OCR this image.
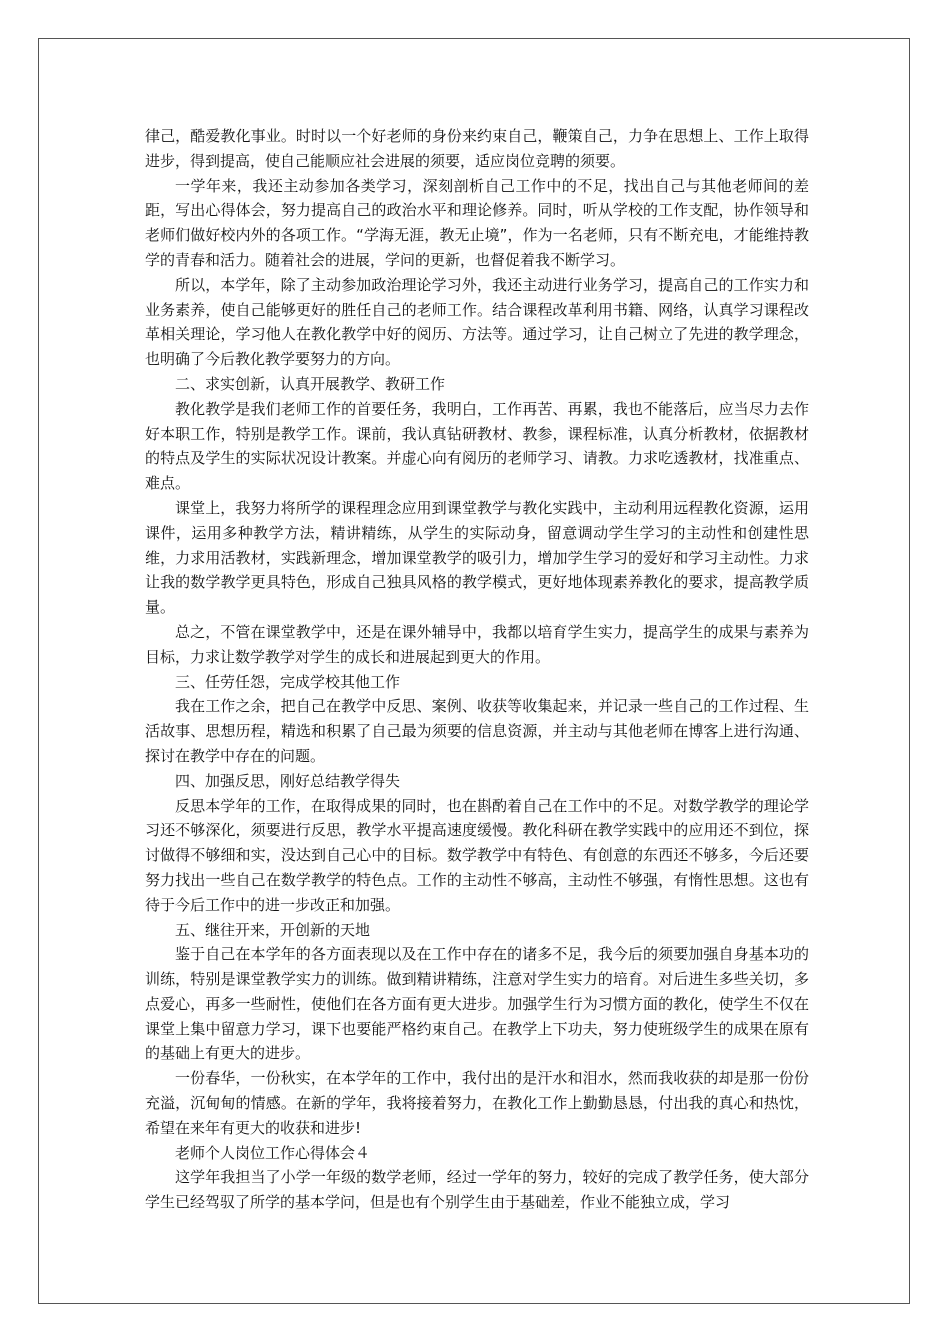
律己，酷爱教化事业。时时以一个好老师的身份来约束自己，鞭策自己，力争在思想上、工作上取得进步，得到提高，使自己能顺应社会进展的须要，适应岗位竞聘的须要。

一学年来，我还主动参加各类学习，深刻剖析自己工作中的不足，找出自己与其他老师间的差距，写出心得体会，努力提高自己的政治水平和理论修养。同时，听从学校的工作支配，协作领导和老师们做好校内外的各项工作。“学海无涯，教无止境”，作为一名老师，只有不断充电，才能维持教学的青春和活力。随着社会的进展，学问的更新，也督促着我不断学习。

所以，本学年，除了主动参加政治理论学习外，我还主动进行业务学习，提高自己的工作实力和业务素养，使自己能够更好的胜任自己的老师工作。结合课程改革利用书籍、网络，认真学习课程改革相关理论，学习他人在教化教学中好的阅历、方法等。通过学习，让自己树立了先进的教学理念，也明确了今后教化教学要努力的方向。

二、求实创新，认真开展教学、教研工作

教化教学是我们老师工作的首要任务，我明白，工作再苦、再累，我也不能落后，应当尽力去作好本职工作，特别是教学工作。课前，我认真钻研教材、教参，课程标准，认真分析教材，依据教材的特点及学生的实际状况设计教案。并虚心向有阅历的老师学习、请教。力求吃透教材，找准重点、难点。

课堂上，我努力将所学的课程理念应用到课堂教学与教化实践中，主动利用远程教化资源，运用课件，运用多种教学方法，精讲精练，从学生的实际动身，留意调动学生学习的主动性和创建性思维，力求用活教材，实践新理念，增加课堂教学的吸引力，增加学生学习的爱好和学习主动性。力求让我的数学教学更具特色，形成自己独具风格的教学模式，更好地体现素养教化的要求，提高教学质量。

总之，不管在课堂教学中，还是在课外辅导中，我都以培育学生实力，提高学生的成果与素养为目标，力求让数学教学对学生的成长和进展起到更大的作用。

三、任劳任怨，完成学校其他工作

我在工作之余，把自己在教学中反思、案例、收获等收集起来，并记录一些自己的工作过程、生活故事、思想历程，精选和积累了自己最为须要的信息资源，并主动与其他老师在博客上进行沟通、探讨在教学中存在的问题。

四、加强反思，刚好总结教学得失

反思本学年的工作，在取得成果的同时，也在斟酌着自己在工作中的不足。对数学教学的理论学习还不够深化，须要进行反思，教学水平提高速度缓慢。教化科研在教学实践中的应用还不到位，探讨做得不够细和实，没达到自己心中的目标。数学教学中有特色、有创意的东西还不够多，今后还要努力找出一些自己在数学教学的特色点。工作的主动性不够高，主动性不够强，有惰性思想。这也有待于今后工作中的进一步改正和加强。

五、继往开来，开创新的天地

鉴于自己在本学年的各方面表现以及在工作中存在的诸多不足，我今后的须要加强自身基本功的训练，特别是课堂教学实力的训练。做到精讲精练，注意对学生实力的培育。对后进生多些关切，多点爱心，再多一些耐性，使他们在各方面有更大进步。加强学生行为习惯方面的教化，使学生不仅在课堂上集中留意力学习，课下也要能严格约束自己。在教学上下功夫，努力使班级学生的成果在原有的基础上有更大的进步。

一份春华，一份秋实，在本学年的工作中，我付出的是汗水和泪水，然而我收获的却是那一份份充溢，沉甸甸的情感。在新的学年，我将接着努力，在教化工作上勤勤恳恳，付出我的真心和热忱，希望在来年有更大的收获和进步!

老师个人岗位工作心得体会４

这学年我担当了小学一年级的数学老师，经过一学年的努力，较好的完成了教学任务，使大部分学生已经驾驭了所学的基本学问，但是也有个别学生由于基础差，作业不能独立成，学习
